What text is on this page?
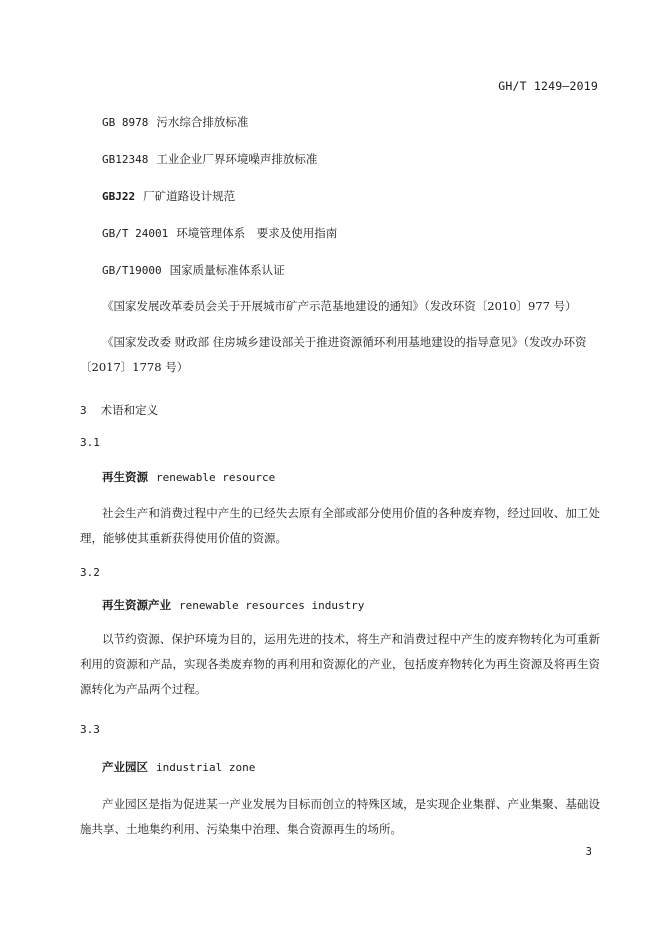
GH/T 1249—2019
GB 8978 污水综合排放标准
GB12348 工业企业厂界环境噪声排放标准
GBJ22 厂矿道路设计规范
GB/T 24001 环境管理体系　要求及使用指南
GB/T19000 国家质量标准体系认证
《国家发展改革委员会关于开展城市矿产示范基地建设的通知》（发改环资〔2010〕977 号）
《国家发改委 财政部 住房城乡建设部关于推进资源循环利用基地建设的指导意见》（发改办环资〔2017〕1778 号）
3 术语和定义
3.1
再生资源 renewable resource
社会生产和消费过程中产生的已经失去原有全部或部分使用价值的各种废弃物，经过回收、加工处理，能够使其重新获得使用价值的资源。
3.2
再生资源产业 renewable resources industry
以节约资源、保护环境为目的，运用先进的技术，将生产和消费过程中产生的废弃物转化为可重新利用的资源和产品，实现各类废弃物的再利用和资源化的产业，包括废弃物转化为再生资源及将再生资源转化为产品两个过程。
3.3
产业园区 industrial zone
产业园区是指为促进某一产业发展为目标而创立的特殊区域，是实现企业集群、产业集聚、基础设施共享、土地集约利用、污染集中治理、集合资源再生的场所。
3
